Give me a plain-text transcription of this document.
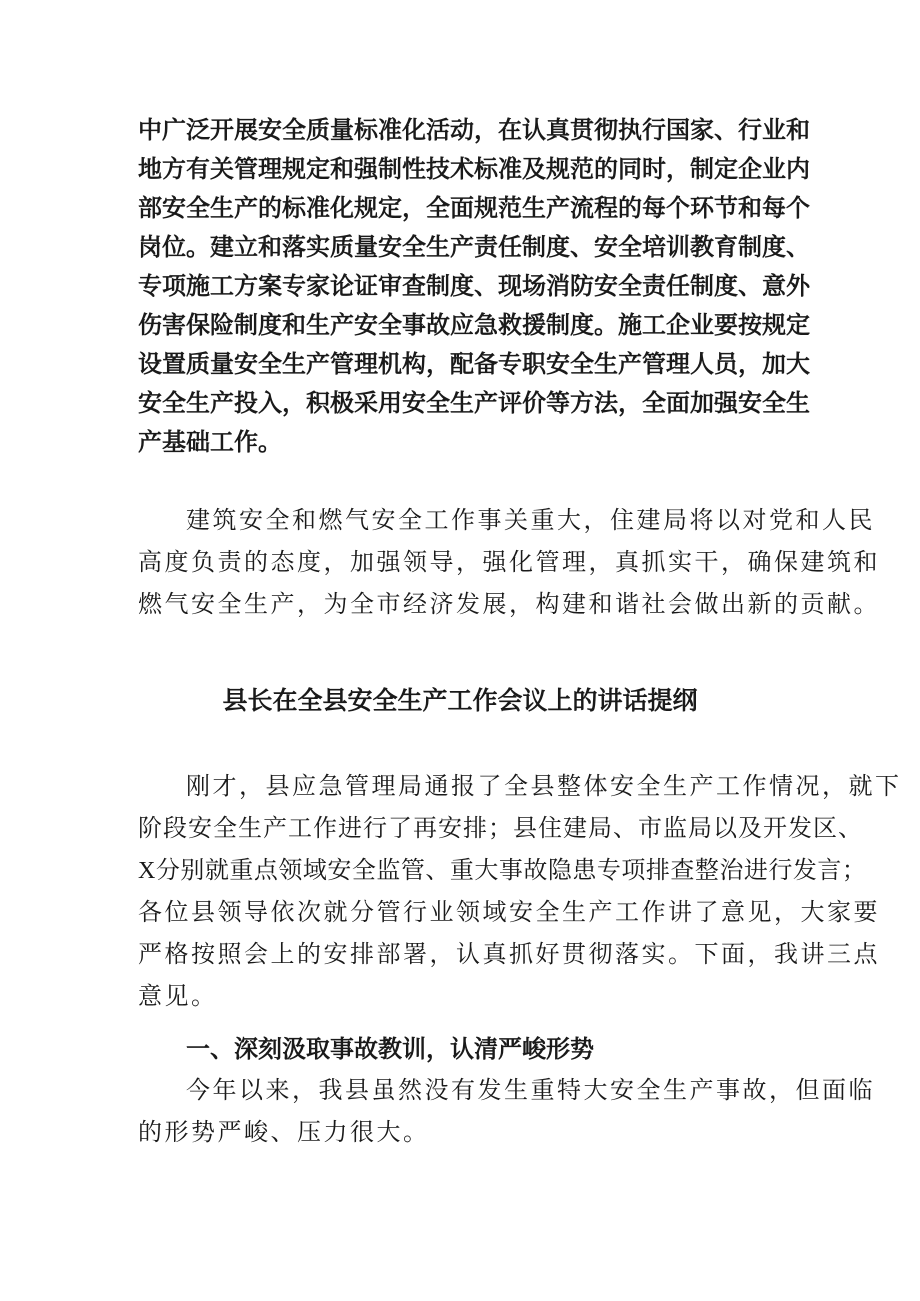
中广泛开展安全质量标准化活动，在认真贯彻执行国家、行业和
地方有关管理规定和强制性技术标准及规范的同时，制定企业内
部安全生产的标准化规定，全面规范生产流程的每个环节和每个
岗位。建立和落实质量安全生产责任制度、安全培训教育制度、
专项施工方案专家论证审查制度、现场消防安全责任制度、意外
伤害保险制度和生产安全事故应急救援制度。施工企业要按规定
设置质量安全生产管理机构，配备专职安全生产管理人员，加大
安全生产投入，积极采用安全生产评价等方法，全面加强安全生
产基础工作。
建筑安全和燃气安全工作事关重大，住建局将以对党和人民
高度负责的态度，加强领导，强化管理，真抓实干，确保建筑和
燃气安全生产，为全市经济发展，构建和谐社会做出新的贡献。
县长在全县安全生产工作会议上的讲话提纲
刚才，县应急管理局通报了全县整体安全生产工作情况，就下
阶段安全生产工作进行了再安排；县住建局、市监局以及开发区、
X分别就重点领域安全监管、重大事故隐患专项排查整治进行发言；
各位县领导依次就分管行业领域安全生产工作讲了意见，大家要
严格按照会上的安排部署，认真抓好贯彻落实。下面，我讲三点
意见。
一、深刻汲取事故教训，认清严峻形势
今年以来，我县虽然没有发生重特大安全生产事故，但面临
的形势严峻、压力很大。
